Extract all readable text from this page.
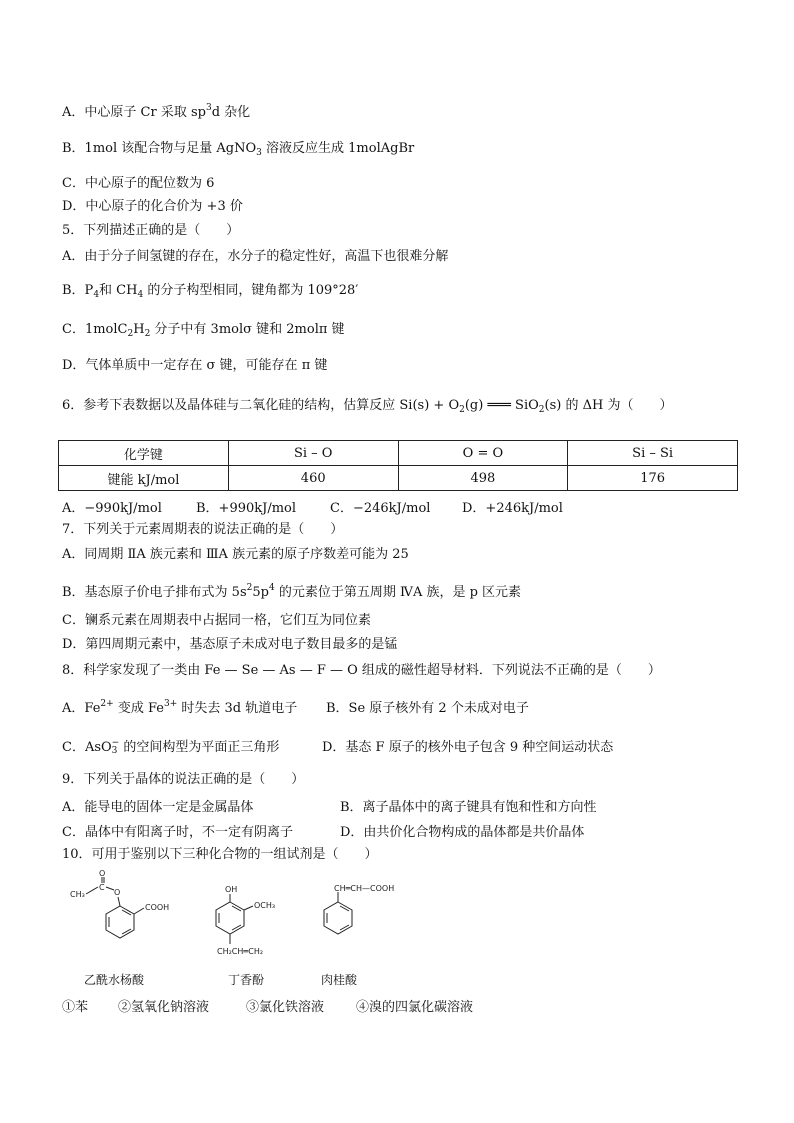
A．中心原子 Cr 采取 $sp^3d$ 杂化
B．1mol 该配合物与足量 AgNO$_3$ 溶液反应生成 1molAgBr
C．中心原子的配位数为 6
D．中心原子的化合价为 +3 价
5．下列描述正确的是（　　）
A．由于分子间氢键的存在，水分子的稳定性好，高温下也很难分解
B．$P_4$和 $CH_4$ 的分子构型相同，键角都为 109°28′
C．$1molC_2H_2$ 分子中有 3molσ 键和 2molπ 键
D．气体单质中一定存在 σ 键，可能存在 π 键
6．参考下表数据以及晶体硅与二氧化硅的结构，估算反应 $Si(s) + O_2(g)$ ═══ SiO$_2$(s) 的 ΔH 为（　　）
化学键	Si – O	O = O	Si – Si
键能 kJ/mol	460	498	176
A．−990kJ/mol	B．+990kJ/mol	C．−246kJ/mol D．+246kJ/mol
7．下列关于元素周期表的说法正确的是（　　）
A．同周期 ⅡA 族元素和 ⅢA 族元素的原子序数差可能为 25
B．基态原子价电子排布式为 $5s^25p^4$ 的元素位于第五周期 ⅣA 族，是 p 区元素
C．镧系元素在周期表中占据同一格，它们互为同位素
D．第四周期元素中，基态原子未成对电子数目最多的是锰
8．科学家发现了一类由 Fe — Se — As — F — O 组成的磁性超导材料．下列说法不正确的是（　　）
A．$Fe^{2+}$ 变成 $Fe^{3+}$ 时失去 3d 轨道电子 B．Se 原子核外有 2 个未成对电子
C．AsO−
3 的空间构型为平面正三角形	D．基态 F 原子的核外电子包含 9 种空间运动状态
9．下列关于晶体的说法正确的是（　　）
A．能导电的固体一定是金属晶体	B．离子晶体中的离子键具有饱和性和方向性
C．晶体中有阳离子时，不一定有阴离子	D．由共价化合物构成的晶体都是共价晶体
10．可用于鉴别以下三种化合物的一组试剂是（　　）
CH₃
C
O
O
COOH
乙酰水杨酸
OH
OCH₃
CH₂CH═CH₂
丁香酚
CH═CH—COOH
肉桂酸
①苯 ②氢氧化钠溶液	③氯化铁溶液 ④溴的四氯化碳溶液
